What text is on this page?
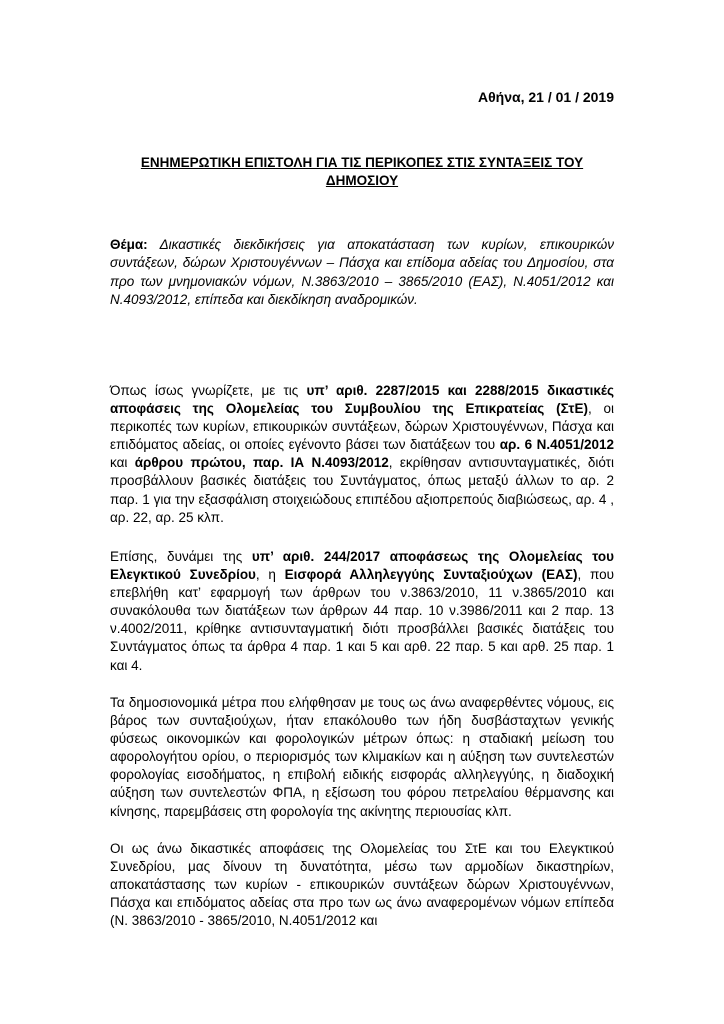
Αθήνα, 21 / 01 / 2019
ΕΝΗΜΕΡΩΤΙΚΗ ΕΠΙΣΤΟΛΗ ΓΙΑ ΤΙΣ ΠΕΡΙΚΟΠΕΣ ΣΤΙΣ ΣΥΝΤΑΞΕΙΣ ΤΟΥ ΔΗΜΟΣΙΟΥ
Θέμα: Δικαστικές διεκδικήσεις για αποκατάσταση των κυρίων, επικουρικών συντάξεων, δώρων Χριστουγέννων – Πάσχα και επίδομα αδείας του Δημοσίου, στα προ των μνημονιακών νόμων, Ν.3863/2010 – 3865/2010 (ΕΑΣ), Ν.4051/2012 και Ν.4093/2012, επίπεδα και διεκδίκηση αναδρομικών.

Όπως ίσως γνωρίζετε, με τις υπ’ αριθ. 2287/2015 και 2288/2015 δικαστικές αποφάσεις της Ολομελείας του Συμβουλίου της Επικρατείας (ΣτΕ), οι περικοπές των κυρίων, επικουρικών συντάξεων, δώρων Χριστουγέννων, Πάσχα και επιδόματος αδείας, οι οποίες εγένοντο βάσει των διατάξεων του αρ. 6 Ν.4051/2012 και άρθρου πρώτου, παρ. ΙΑ Ν.4093/2012, εκρίθησαν αντισυνταγματικές, διότι προσβάλλουν βασικές διατάξεις του Συντάγματος, όπως μεταξύ άλλων το αρ. 2 παρ. 1 για την εξασφάλιση στοιχειώδους επιπέδου αξιοπρεπούς διαβιώσεως, αρ. 4 , αρ. 22, αρ. 25 κλπ.

Επίσης, δυνάμει της υπ’ αριθ. 244/2017 αποφάσεως της Ολομελείας του Ελεγκτικού Συνεδρίου, η Εισφορά Αλληλεγγύης Συνταξιούχων (ΕΑΣ), που επεβλήθη κατ’ εφαρμογή των άρθρων του ν.3863/2010, 11 ν.3865/2010 και συνακόλουθα των διατάξεων των άρθρων 44 παρ. 10 ν.3986/2011 και 2 παρ. 13 ν.4002/2011, κρίθηκε αντισυνταγματική διότι προσβάλλει βασικές διατάξεις του Συντάγματος όπως τα άρθρα 4 παρ. 1 και 5 και αρθ. 22 παρ. 5 και αρθ. 25 παρ. 1 και 4.

Τα δημοσιονομικά μέτρα που ελήφθησαν με τους ως άνω αναφερθέντες νόμους, εις βάρος των συνταξιούχων, ήταν επακόλουθο των ήδη δυσβάσταχτων γενικής φύσεως οικονομικών και φορολογικών μέτρων όπως: η σταδιακή μείωση του αφορολογήτου ορίου, ο περιορισμός των κλιμακίων και η αύξηση των συντελεστών φορολογίας εισοδήματος, η επιβολή ειδικής εισφοράς αλληλεγγύης, η διαδοχική αύξηση των συντελεστών ΦΠΑ, η εξίσωση του φόρου πετρελαίου θέρμανσης και κίνησης, παρεμβάσεις στη φορολογία της ακίνητης περιουσίας κλπ.

Οι ως άνω δικαστικές αποφάσεις της Ολομελείας του ΣτΕ και του Ελεγκτικού Συνεδρίου, μας δίνουν τη δυνατότητα, μέσω των αρμοδίων δικαστηρίων, αποκατάστασης των κυρίων - επικουρικών συντάξεων δώρων Χριστουγέννων, Πάσχα και επιδόματος αδείας στα προ των ως άνω αναφερομένων νόμων επίπεδα (Ν. 3863/2010 - 3865/2010, Ν.4051/2012 και
